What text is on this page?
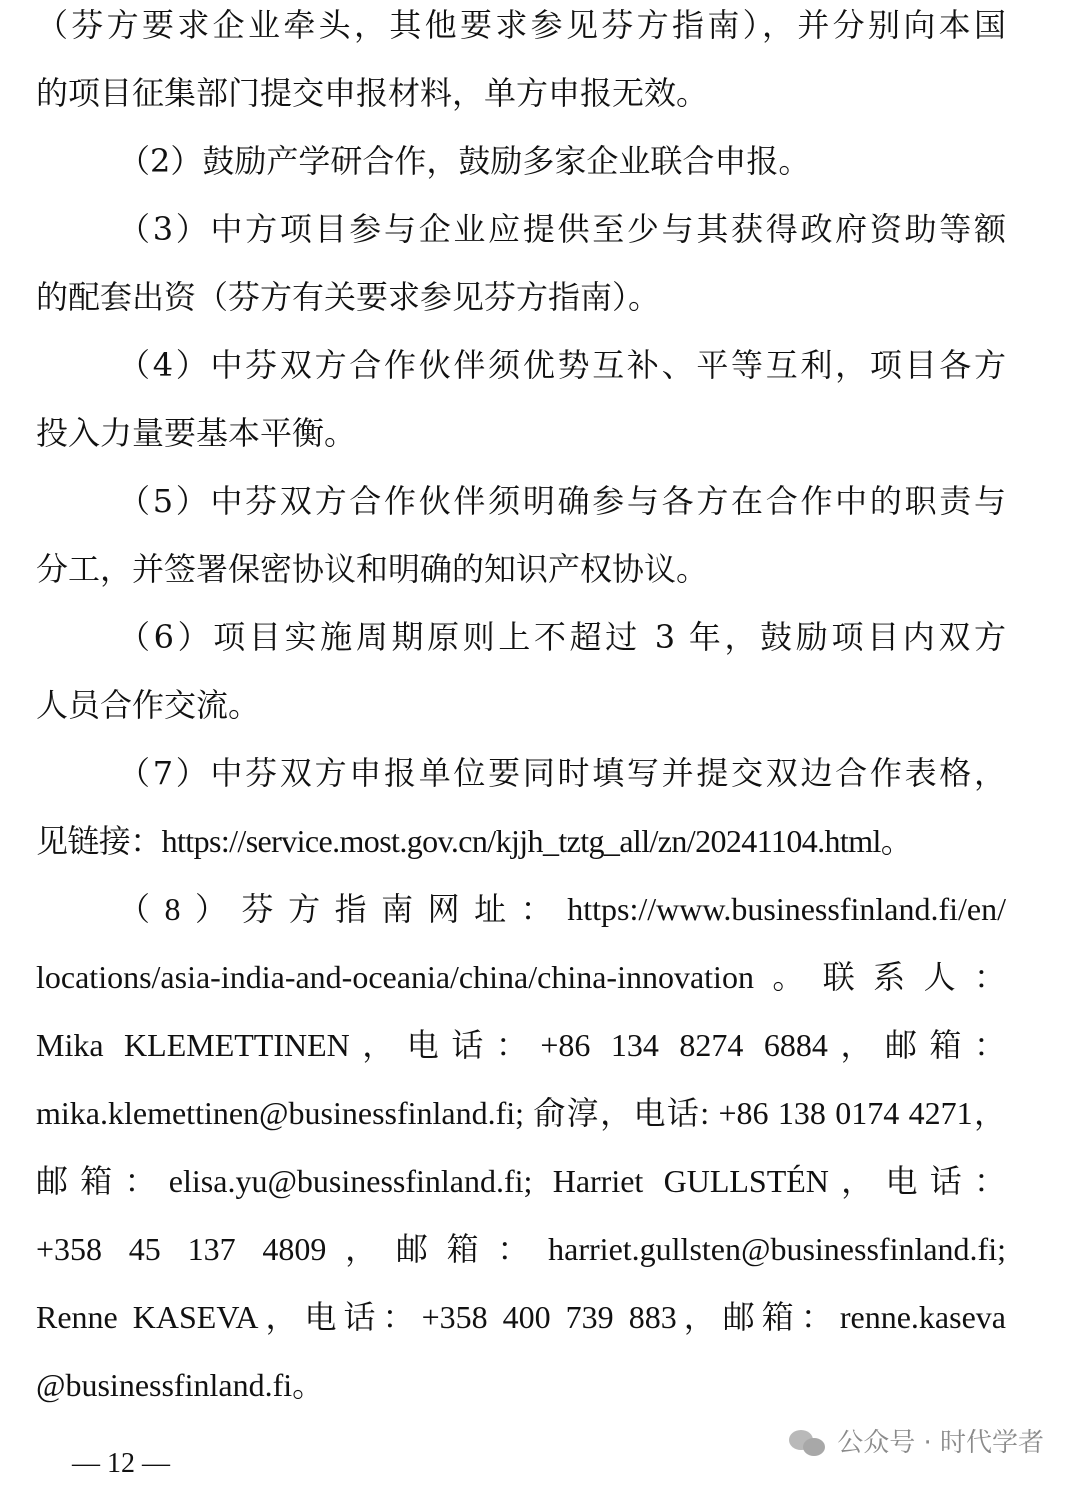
（芬方要求企业牵头，其他要求参见芬方指南），并分别向本国
的项目征集部门提交申报材料，单方申报无效。
（2）鼓励产学研合作，鼓励多家企业联合申报。
（3）中方项目参与企业应提供至少与其获得政府资助等额
的配套出资（芬方有关要求参见芬方指南）。
（4）中芬双方合作伙伴须优势互补、平等互利，项目各方
投入力量要基本平衡。
（5）中芬双方合作伙伴须明确参与各方在合作中的职责与
分工，并签署保密协议和明确的知识产权协议。
（6）项目实施周期原则上不超过 3 年，鼓励项目内双方
人员合作交流。
（7）中芬双方申报单位要同时填写并提交双边合作表格，
见链接：https://service.most.gov.cn/kjjh_tztg_all/zn/20241104.html。
（8）芬方指南网址：https://www.businessfinland.fi/en/
locations/asia-india-and-oceania/china/china-innovation。联系人：
Mika KLEMETTINEN，电话：+86 134 8274 6884，邮箱：
mika.klemettinen@businessfinland.fi; 俞淳，电话: +86 138 0174 4271，
邮箱：elisa.yu@businessfinland.fi; Harriet GULLSTÉN，电话：
+358 45 137 4809，邮箱：harriet.gullsten@businessfinland.fi;
Renne KASEVA，电话：+358 400 739 883，邮箱：renne.kaseva
@businessfinland.fi。
— 12 —
公众号 · 时代学者
